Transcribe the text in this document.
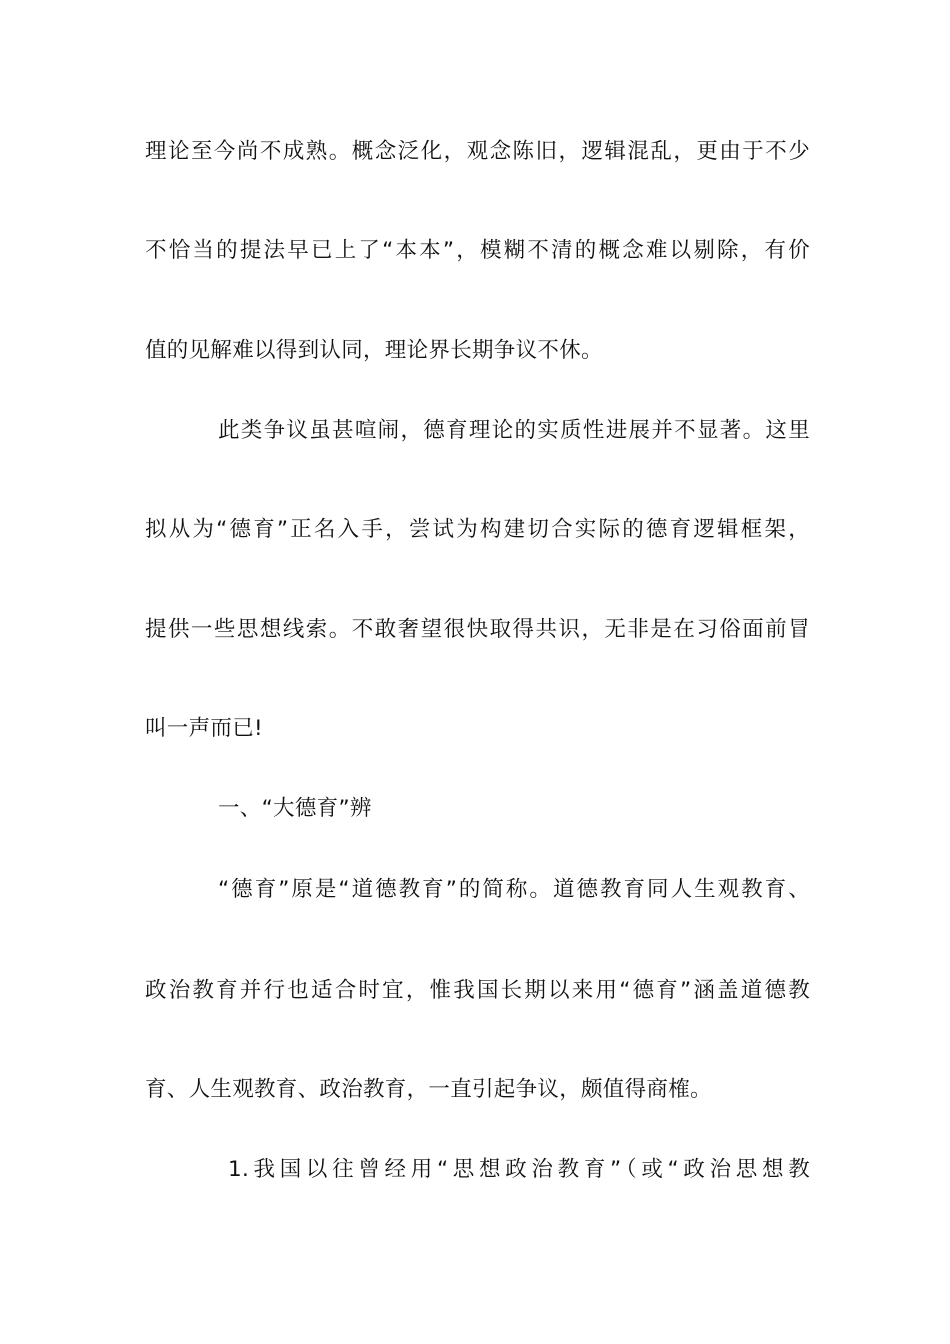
理论至今尚不成熟。概念泛化，观念陈旧，逻辑混乱，更由于不少
不恰当的提法早已上了“本本”，模糊不清的概念难以剔除，有价
值的见解难以得到认同，理论界长期争议不休。
此类争议虽甚喧闹，德育理论的实质性进展并不显著。这里
拟从为“德育”正名入手，尝试为构建切合实际的德育逻辑框架，
提供一些思想线索。不敢奢望很快取得共识，无非是在习俗面前冒
叫一声而已!
一、“大德育”辨
“德育”原是“道德教育”的简称。道德教育同人生观教育、
政治教育并行也适合时宜，惟我国长期以来用“德育”涵盖道德教
育、人生观教育、政治教育，一直引起争议，颇值得商榷。
1.我国以往曾经用“思想政治教育”（或“政治思想教
